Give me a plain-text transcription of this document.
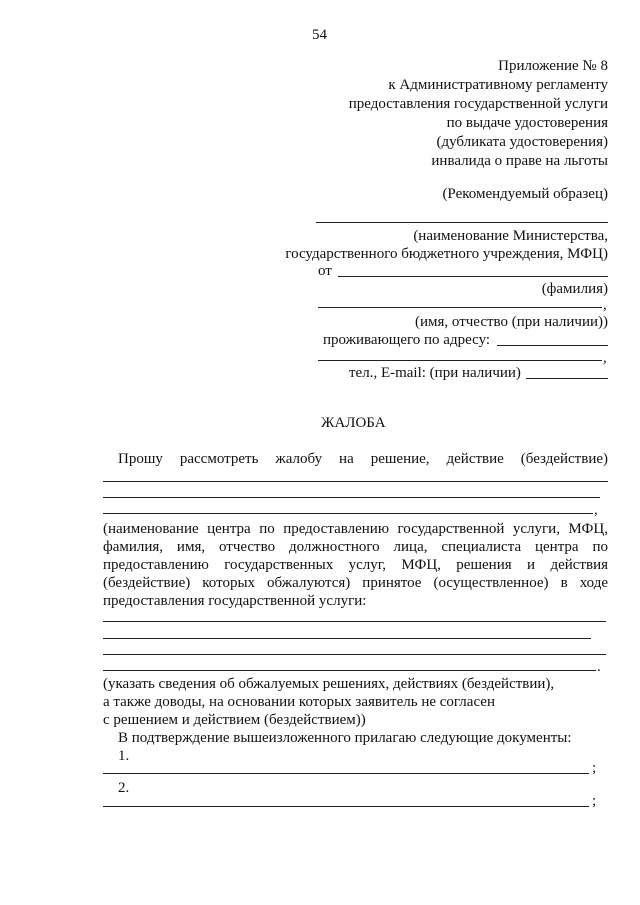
54
Приложение № 8
к Административному регламенту
предоставления государственной услуги
по выдаче удостоверения
(дубликата удостоверения)
инвалида о праве на льготы
(Рекомендуемый образец)
(наименование Министерства,
государственного бюджетного учреждения, МФЦ)
от
(фамилия)
,
(имя, отчество (при наличии))
проживающего по адресу:
,
тел., E-mail: (при наличии)
ЖАЛОБА
Прошу рассмотреть жалобу на решение, действие (бездействие)
,
(наименование центра по предоставлению государственной услуги, МФЦ,
фамилия, имя, отчество должностного лица, специалиста центра по
предоставлению государственных услуг, МФЦ, решения и действия
(бездействие) которых обжалуются) принятое (осуществленное) в ходе
предоставления государственной услуги:
.
(указать сведения об обжалуемых решениях, действиях (бездействии),
а также доводы, на основании которых заявитель не согласен
с решением и действием (бездействием))
В подтверждение вышеизложенного прилагаю следующие документы:
1.
;
2.
;
